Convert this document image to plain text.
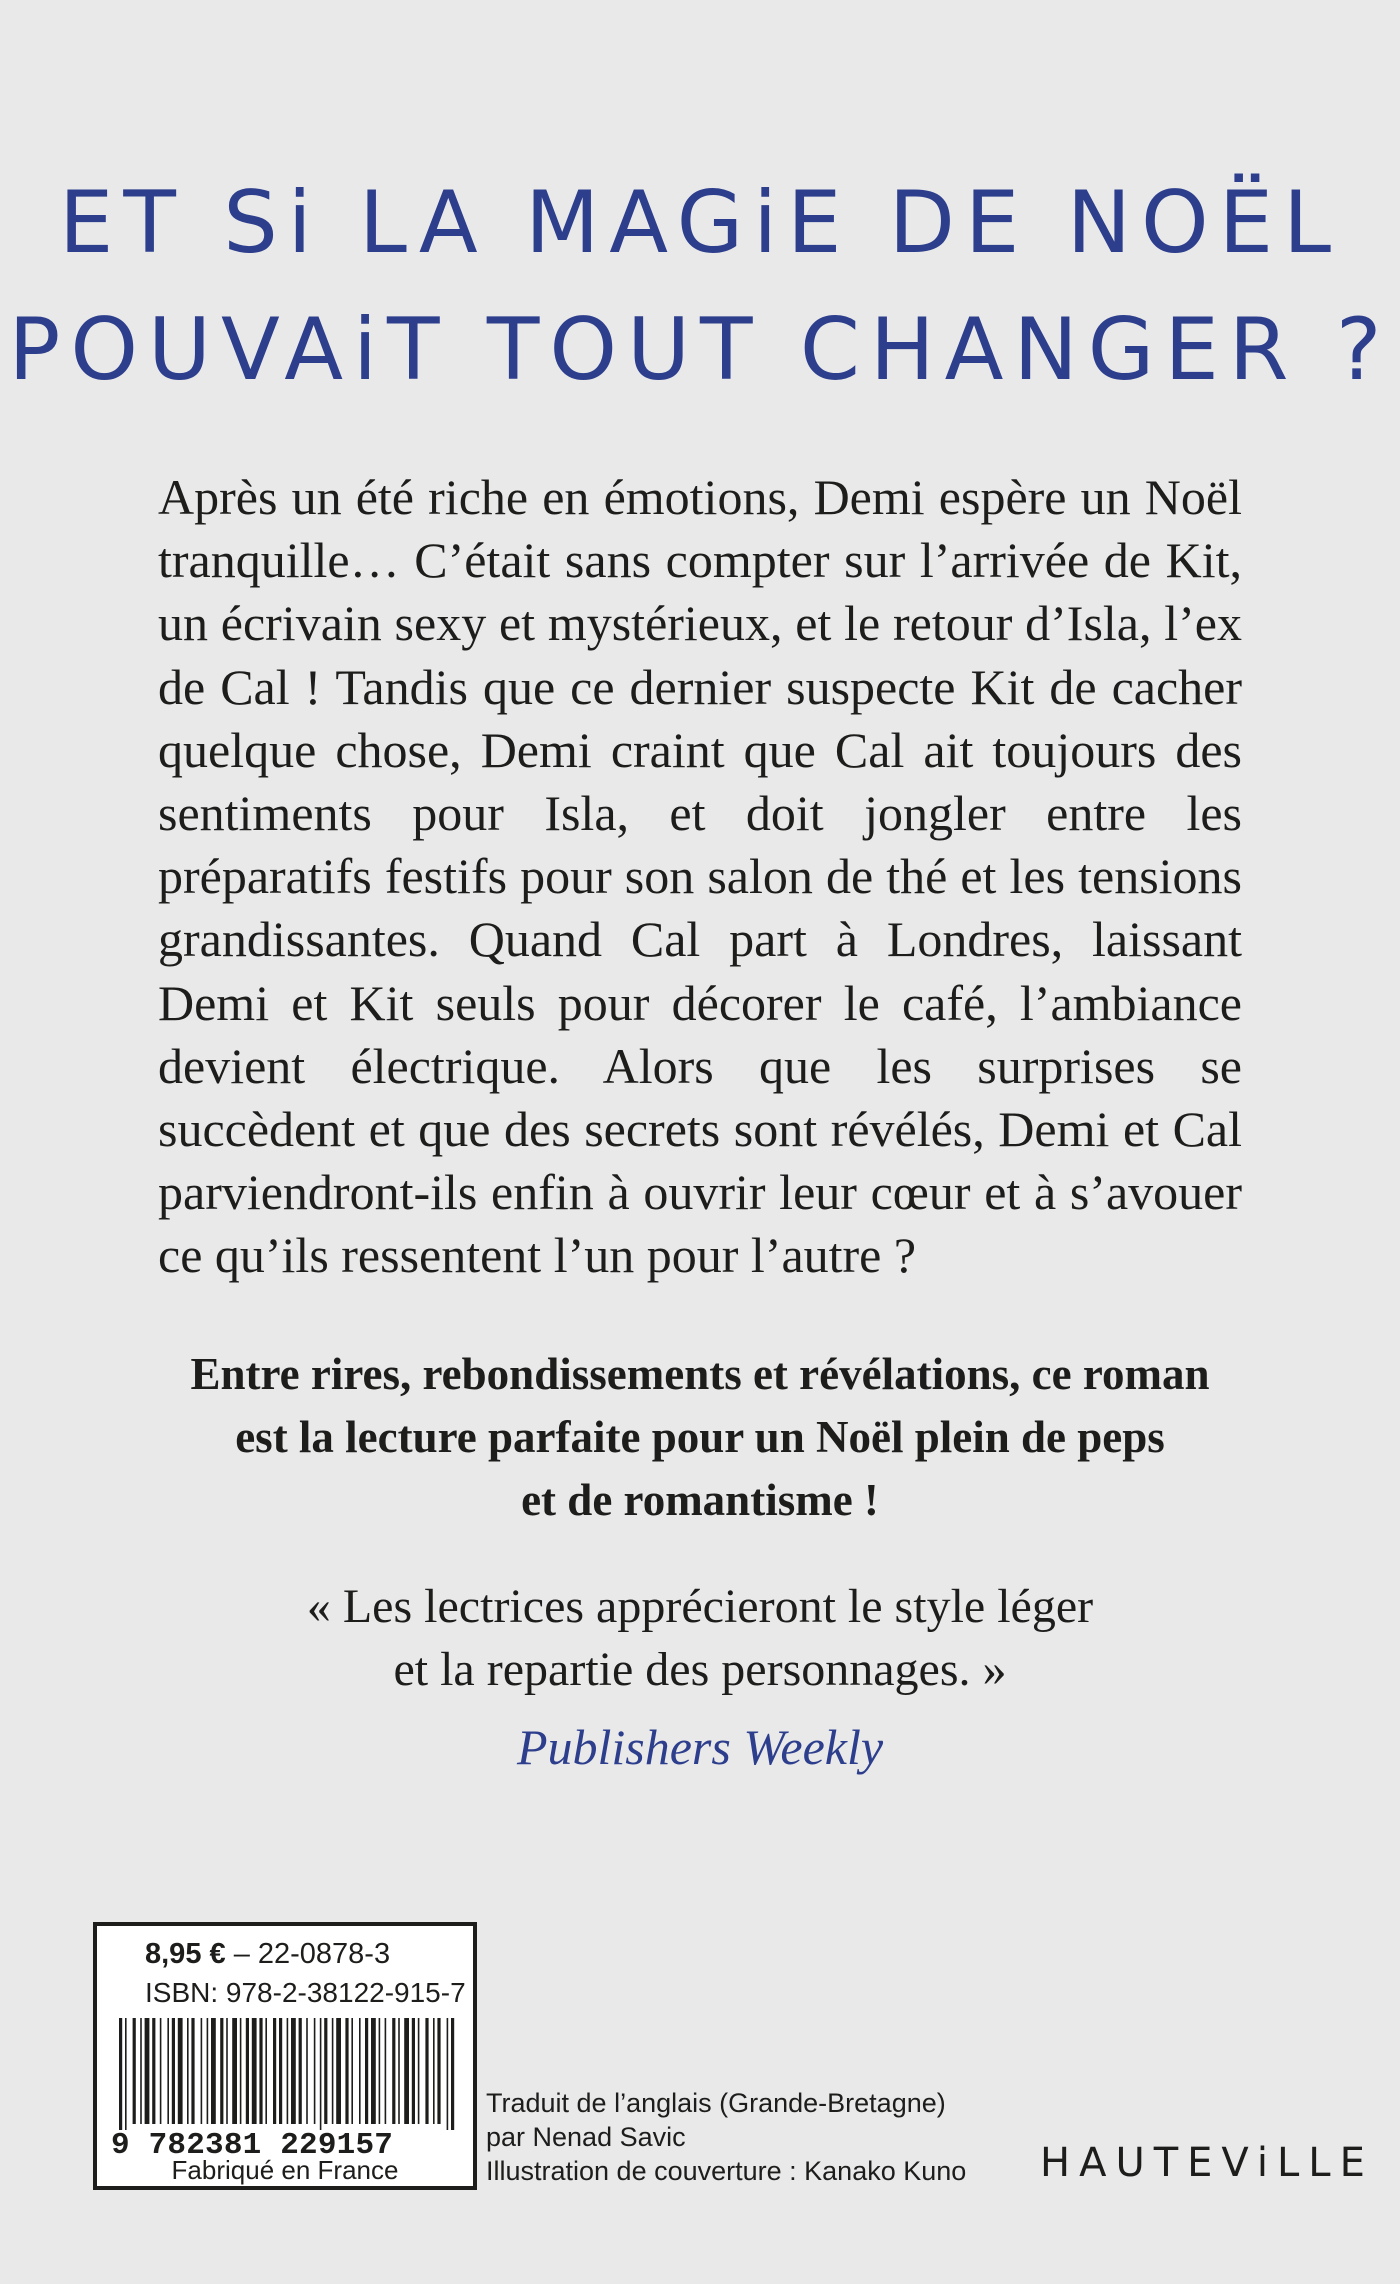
ET Si LA MAGiE DE NOËL
POUVAiT TOUT CHANGER ?

Après un été riche en émotions, Demi espère un Noël tranquille… C’était sans compter sur l’arrivée de Kit, un écrivain sexy et mystérieux, et le retour d’Isla, l’ex de Cal ! Tandis que ce dernier suspecte Kit de cacher quelque chose, Demi craint que Cal ait toujours des sentiments pour Isla, et doit jongler entre les préparatifs festifs pour son salon de thé et les tensions grandissantes. Quand Cal part à Londres, laissant Demi et Kit seuls pour décorer le café, l’ambiance devient électrique. Alors que les surprises se succèdent et que des secrets sont révélés, Demi et Cal parviendront-ils enfin à ouvrir leur cœur et à s’avouer ce qu’ils ressentent l’un pour l’autre ?

Entre rires, rebondissements et révélations, ce roman
est la lecture parfaite pour un Noël plein de peps
et de romantisme !

« Les lectrices apprécieront le style léger
et la repartie des personnages. »

Publishers Weekly

8,95 € – 22-0878-3
ISBN: 978-2-38122-915-7
9 782381 229157
Fabriqué en France
Traduit de l’anglais (Grande-Bretagne)
par Nenad Savic
Illustration de couverture : Kanako Kuno HAUTEViLLE
